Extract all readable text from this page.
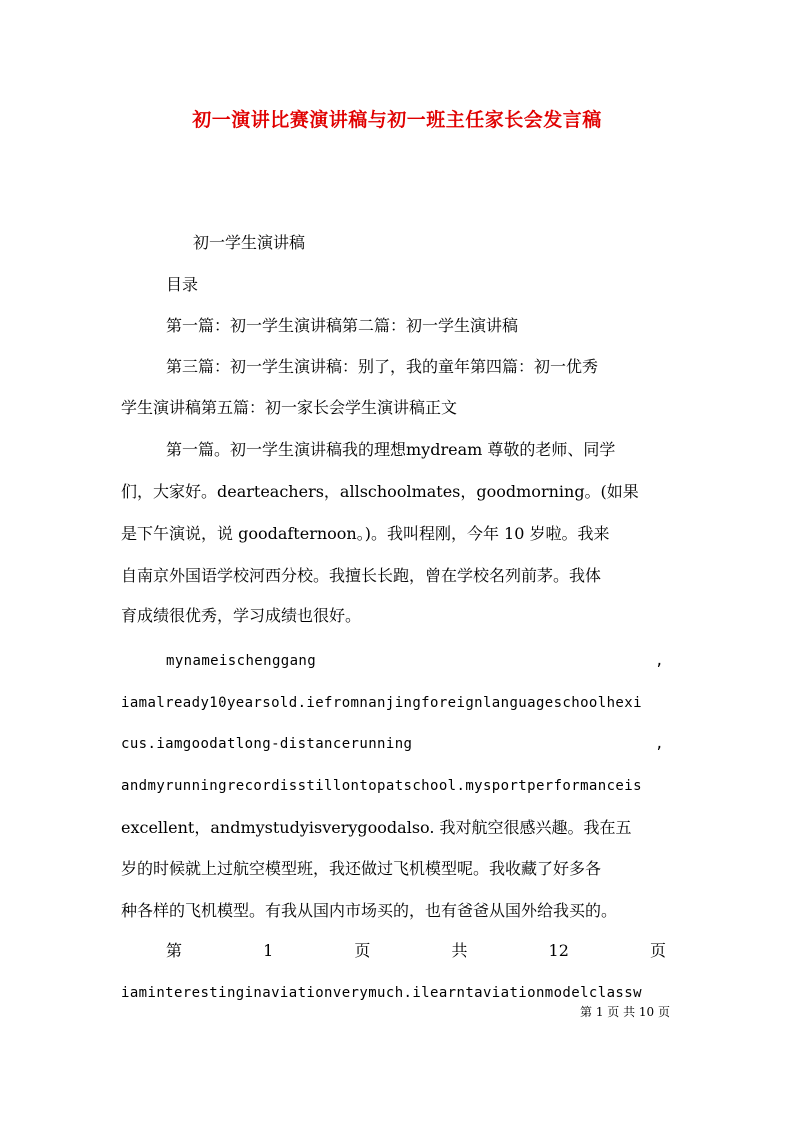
初一演讲比赛演讲稿与初一班主任家长会发言稿
初一学生演讲稿
目录
第一篇：初一学生演讲稿第二篇：初一学生演讲稿
第三篇：初一学生演讲稿：别了，我的童年第四篇：初一优秀
学生演讲稿第五篇：初一家长会学生演讲稿正文
第一篇。初一学生演讲稿我的理想mydream 尊敬的老师、同学
们，大家好。dearteachers，allschoolmates，goodmorning。(如果
是下午演说，说 goodafternoon。)。我叫程刚，今年 10 岁啦。我来
自南京外国语学校河西分校。我擅长长跑，曾在学校名列前茅。我体
育成绩很优秀，学习成绩也很好。
mynameischenggang	,
iamalready10yearsold.iefromnanjingforeignlanguageschoolhexi
cus.iamgoodatlong-distancerunning	,
andmyrunningrecordisstillontopatschool.mysportperformanceis
excellent，andmystudyisverygoodalso. 我对航空很感兴趣。我在五
岁的时候就上过航空模型班，我还做过飞机模型呢。我收藏了好多各
种各样的飞机模型。有我从国内市场买的，也有爸爸从国外给我买的。
第	1	页	共	12	页
iaminterestinginaviationverymuch.ilearntaviationmodelclassw
第 1 页 共 10 页
